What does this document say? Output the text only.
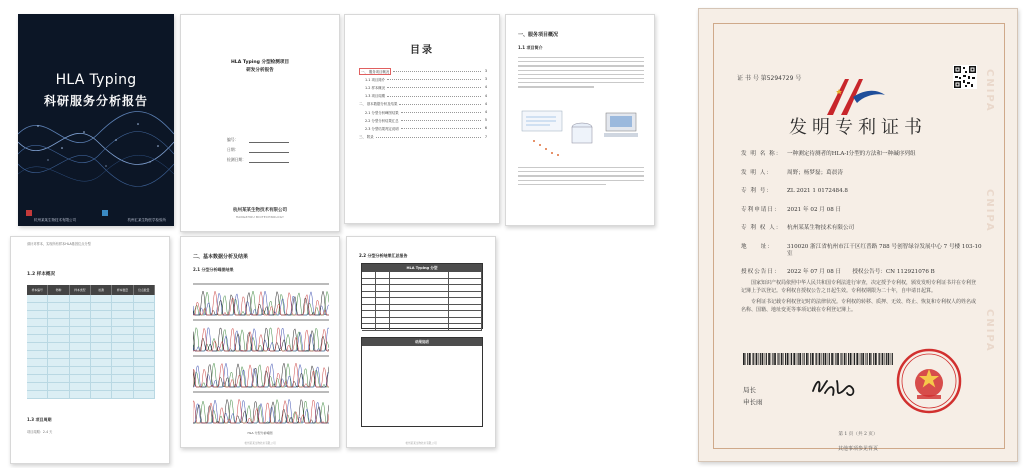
HLA Typing
科研服务分析报告
杭州某某生物技术有限公司	杭州汇某生物医学检验所
HLA Typing 分型检测项目
研发分析报告
编号：
日期：
检测日期：
杭州某某生物技术有限公司
HANGZHOU BIOTECHNOLOGY
目录
一、 服务项目概况	3
1.1 项目简介	3
1.2 样本概况	4
1.3 项目周期	4
二、 基本数据分析及结果	4
2.1 分型分析峰图结果	4
2.2 分型分析结果汇总	5
2.3 分型结果判定说明	6
三、 附录	7
一、服务项目概况
1.1 项目简介
请针对样本，实现所有样本HLA基因位点分型
1.2 样本概况
样本编号	物种	样本类型	检测	样本数量	位点数量
1.3 项目周期
项目周期：2-4 天
二、基本数据分析及结果
2.1 分型分析峰图结果
HLA 分型分析峰图
杭州某某生物技术有限公司
2.2 分型分析结果汇总报告
HLA Typing 分型
结果说明
杭州某某生物技术有限公司
CNIPA
CNIPA
CNIPA
证 书 号 第5294729 号
发明专利证书
发 明 名 称： 一种测定待测者的HLA-I分型的方法和一种碱序列组
发 明 人：	周野；杨梦磊；葛晨涛
专 利 号：	ZL 2021 1 0172484.8
专利申请日：	2021 年 02 月 08 日
专 利 权 人： 杭州某某生物技术有限公司
地　　址：	310020 浙江省杭州市江干区红普路 788 号创智绿谷发展中心 7 号楼 103-10 室
授权公告日：	2022 年 07 月 08 日　　授权公告号：CN 112921076 B
国家知识产权局依照中华人民共和国专利法进行审查，决定授予专利权，颁发发明专利证书并在专利登记簿上予以登记。专利权自授权公告之日起生效。专利权期限为二十年，自申请日起算。
专利证书记载专利权登记时的法律状况。专利权的转移、质押、无效、终止、恢复和专利权人的姓名或名称、国籍、地址变更等事项记载在专利登记簿上。
局长
申长雨
第 1 页（共 2 页）
其他事项参见背页
